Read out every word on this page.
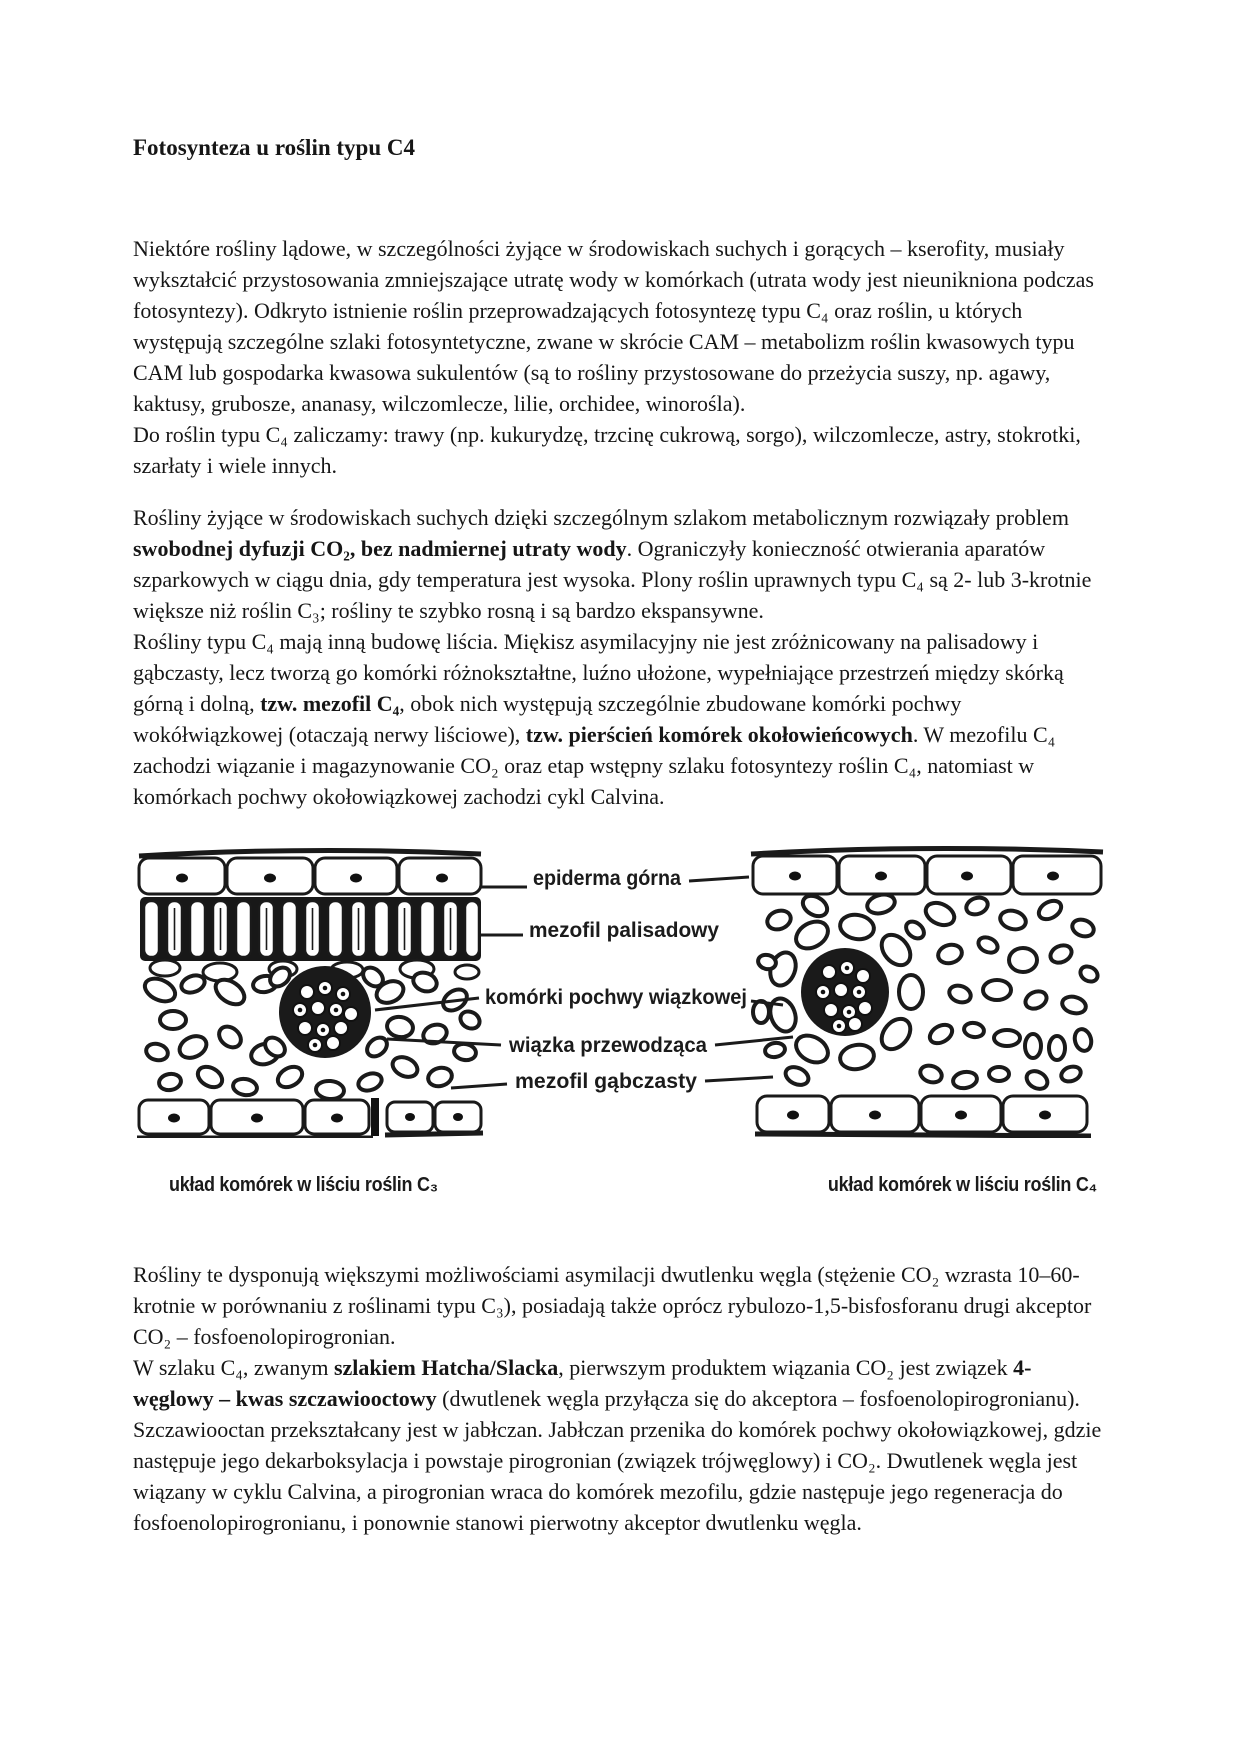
Fotosynteza u roślin typu C4

Niektóre rośliny lądowe, w szczególności żyjące w środowiskach suchych i gorących – kserofity, musiały wykształcić przystosowania zmniejszające utratę wody w komórkach (utrata wody jest nieunikniona podczas fotosyntezy). Odkryto istnienie roślin przeprowadzających fotosyntezę typu C₄ oraz roślin, u których występują szczególne szlaki fotosyntetyczne, zwane w skrócie CAM – metabolizm roślin kwasowych typu CAM lub gospodarka kwasowa sukulentów (są to rośliny przystosowane do przeżycia suszy, np. agawy, kaktusy, grubosze, ananasy, wilczomlecze, lilie, orchidee, winorośla).

Do roślin typu C₄ zaliczamy: trawy (np. kukurydzę, trzcinę cukrową, sorgo), wilczomlecze, astry, stokrotki, szarłaty i wiele innych.

Rośliny żyjące w środowiskach suchych dzięki szczególnym szlakom metabolicznym rozwiązały problem swobodnej dyfuzji CO₂, bez nadmiernej utraty wody. Ograniczyły konieczność otwierania aparatów szparkowych w ciągu dnia, gdy temperatura jest wysoka. Plony roślin uprawnych typu C₄ są 2- lub 3-krotnie większe niż roślin C₃; rośliny te szybko rosną i są bardzo ekspansywne.

Rośliny typu C₄ mają inną budowę liścia. Miękisz asymilacyjny nie jest zróżnicowany na palisadowy i gąbczasty, lecz tworzą go komórki różnokształtne, luźno ułożone, wypełniające przestrzeń między skórką górną i dolną, tzw. mezofil C₄, obok nich występują szczególnie zbudowane komórki pochwy wokółwiązkowej (otaczają nerwy liściowe), tzw. pierścień komórek okołowieńcowych. W mezofilu C₄ zachodzi wiązanie i magazynowanie CO₂ oraz etap wstępny szlaku fotosyntezy roślin C₄, natomiast w komórkach pochwy okołowiązkowej zachodzi cykl Calvina.

epiderma górna
mezofil palisadowy
komórki pochwy wiązkowej
wiązka przewodząca
mezofil gąbczasty
układ komórek w liściu roślin C₃	układ komórek w liściu roślin C₄

Rośliny te dysponują większymi możliwościami asymilacji dwutlenku węgla (stężenie CO₂ wzrasta 10–60-krotnie w porównaniu z roślinami typu C₃), posiadają także oprócz rybulozo-1,5-bisfosforanu drugi akceptor CO₂ – fosfoenolopirogronian.

W szlaku C₄, zwanym szlakiem Hatcha/Slacka, pierwszym produktem wiązania CO₂ jest związek 4-węglowy – kwas szczawiooctowy (dwutlenek węgla przyłącza się do akceptora – fosfoenolopirogronianu). Szczawiooctan przekształcany jest w jabłczan. Jabłczan przenika do komórek pochwy okołowiązkowej, gdzie następuje jego dekarboksylacja i powstaje pirogronian (związek trójwęglowy) i CO₂. Dwutlenek węgla jest wiązany w cyklu Calvina, a pirogronian wraca do komórek mezofilu, gdzie następuje jego regeneracja do fosfoenolopirogronianu, i ponownie stanowi pierwotny akceptor dwutlenku węgla.
